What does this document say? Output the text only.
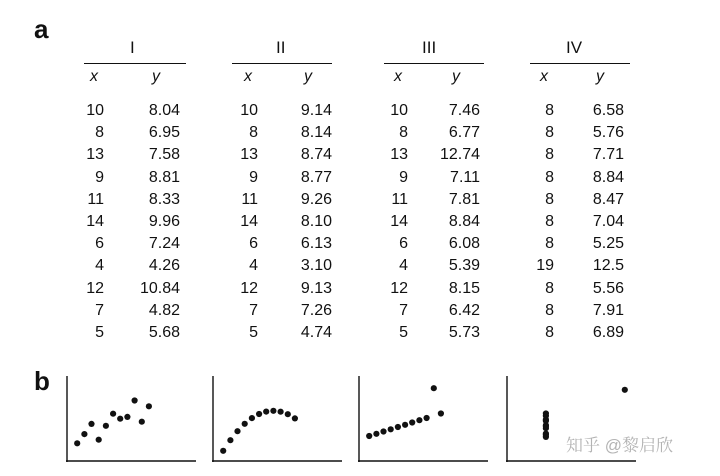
a
b
I
x	y
10	8.04
8	6.95
13	7.58
9	8.81
11	8.33
14	9.96
6	7.24
4	4.26
12	10.84
7	4.82
5	5.68
II
x	y
10	9.14
8	8.14
13	8.74
9	8.77
11	9.26
14	8.10
6	6.13
4	3.10
12	9.13
7	7.26
5	4.74
III
x	y
10	7.46
8	6.77
13	12.74
9	7.11
11	7.81
14	8.84
6	6.08
4	5.39
12	8.15
7	6.42
5	5.73
IV
x	y
8	6.58
8	5.76
8	7.71
8	8.84
8	8.47
8	7.04
8	5.25
19	12.5
8	5.56
8	7.91
8	6.89
知乎 @黎启欣
